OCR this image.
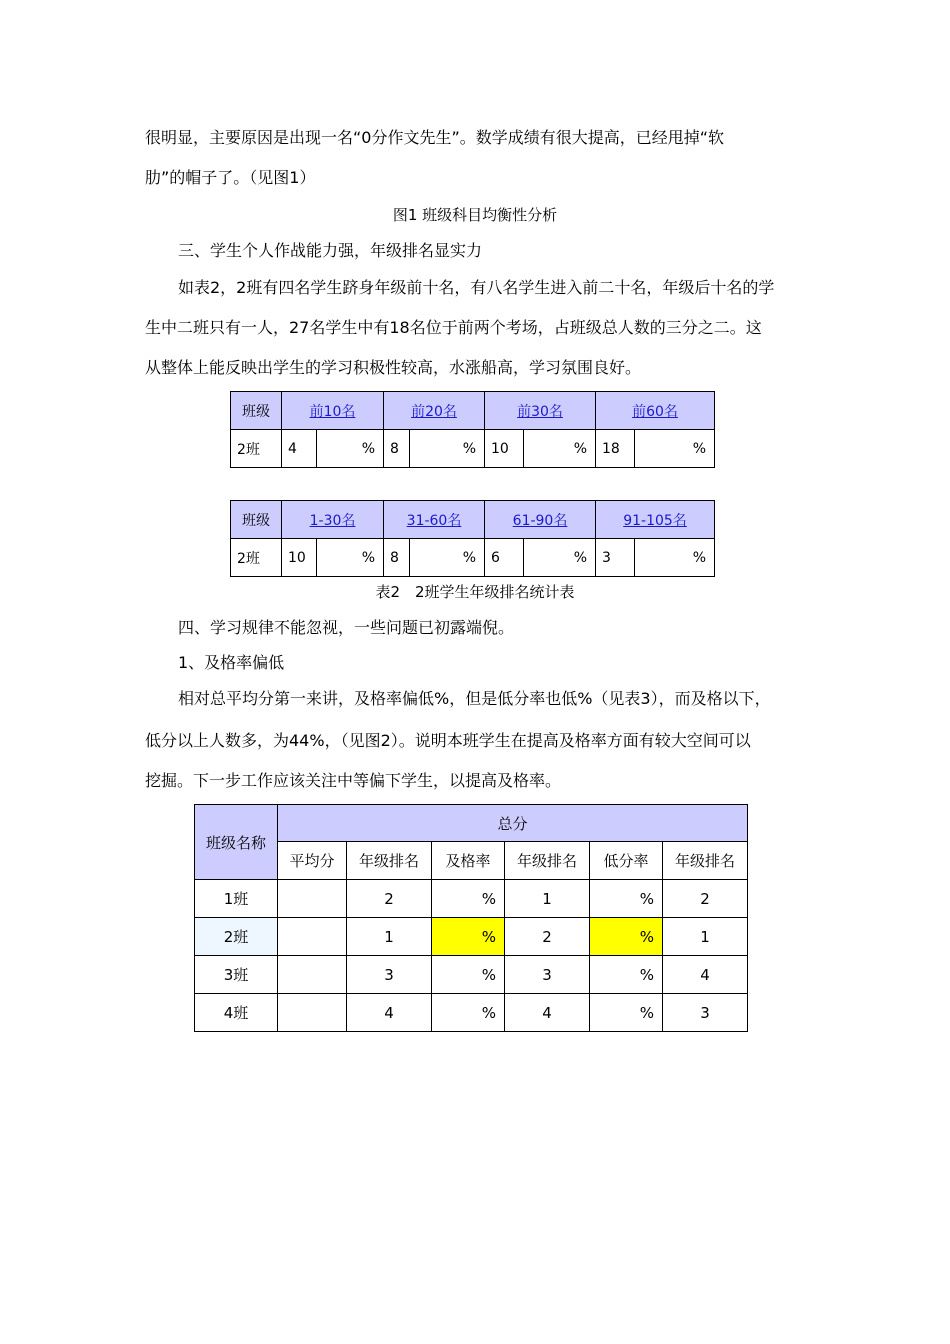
很明显，主要原因是出现一名“0分作文先生”。数学成绩有很大提高，已经甩掉“软
肋”的帽子了。（见图1）
图1 班级科目均衡性分析
三、学生个人作战能力强，年级排名显实力
如表2，2班有四名学生跻身年级前十名，有八名学生进入前二十名，年级后十名的学
生中二班只有一人，27名学生中有18名位于前两个考场，占班级总人数的三分之二。这
从整体上能反映出学生的学习积极性较高，水涨船高，学习氛围良好。
班级	前10名		前20名		前30名		前60名	
2班	4	%	8	%	10	%	18	%
班级	1-30名		31-60名		61-90名		91-105名	
2班	10	%	8	%	6	%	3	%
表2　2班学生年级排名统计表
四、学习规律不能忽视，一些问题已初露端倪。
1、及格率偏低
相对总平均分第一来讲，及格率偏低%，但是低分率也低%（见表3），而及格以下，
低分以上人数多，为44%，（见图2）。说明本班学生在提高及格率方面有较大空间可以
挖掘。下一步工作应该关注中等偏下学生，以提高及格率。
班级名称	总分					
	平均分	年级排名	及格率	年级排名	低分率	年级排名
1班		2	%	1	%	2
2班		1	%	2	%	1
3班		3	%	3	%	4
4班		4	%	4	%	3
